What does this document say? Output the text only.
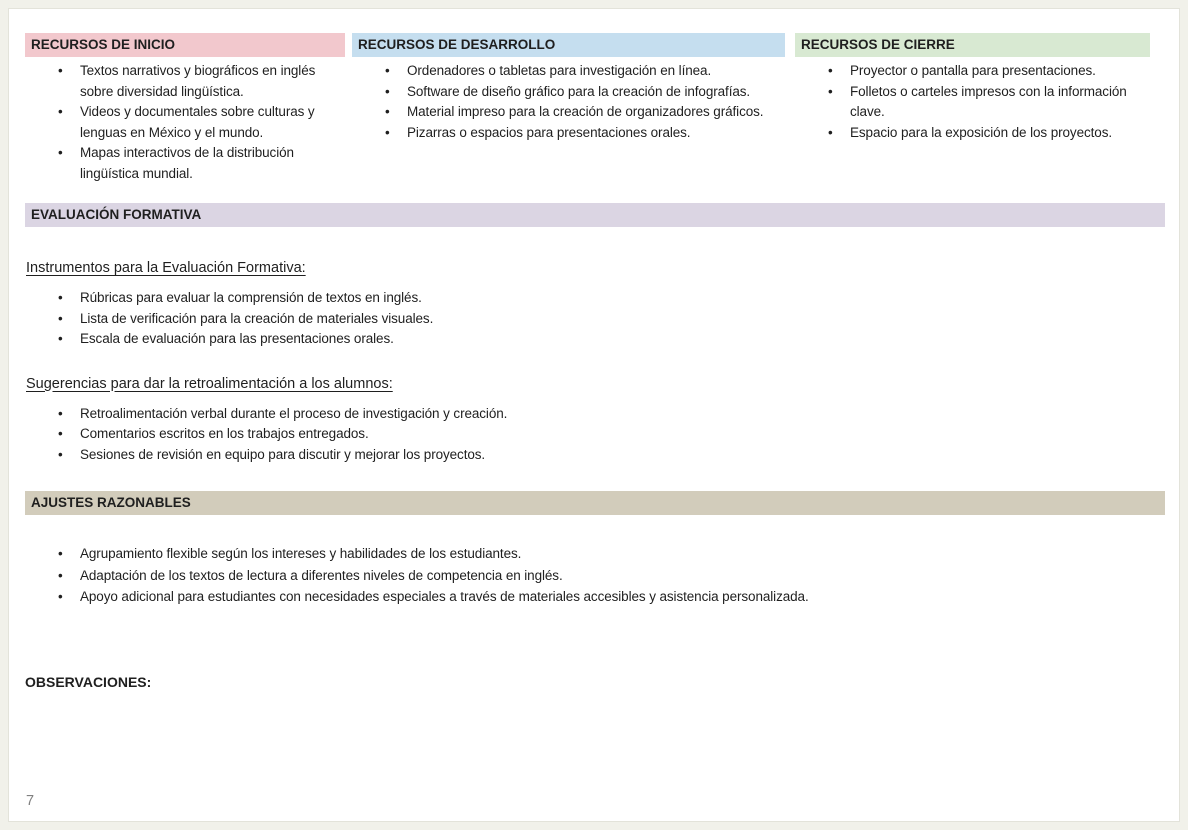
RECURSOS DE INICIO
• Textos narrativos y biográficos en inglés sobre diversidad lingüística.
• Videos y documentales sobre culturas y lenguas en México y el mundo.
• Mapas interactivos de la distribución lingüística mundial.
RECURSOS DE DESARROLLO
• Ordenadores o tabletas para investigación en línea.
• Software de diseño gráfico para la creación de infografías.
• Material impreso para la creación de organizadores gráficos.
• Pizarras o espacios para presentaciones orales.
RECURSOS DE CIERRE
• Proyector o pantalla para presentaciones.
• Folletos o carteles impresos con la información clave.
• Espacio para la exposición de los proyectos.
EVALUACIÓN FORMATIVA
Instrumentos para la Evaluación Formativa:
• Rúbricas para evaluar la comprensión de textos en inglés.
• Lista de verificación para la creación de materiales visuales.
• Escala de evaluación para las presentaciones orales.
Sugerencias para dar la retroalimentación a los alumnos:
• Retroalimentación verbal durante el proceso de investigación y creación.
• Comentarios escritos en los trabajos entregados.
• Sesiones de revisión en equipo para discutir y mejorar los proyectos.
AJUSTES RAZONABLES
• Agrupamiento flexible según los intereses y habilidades de los estudiantes.
• Adaptación de los textos de lectura a diferentes niveles de competencia en inglés.
• Apoyo adicional para estudiantes con necesidades especiales a través de materiales accesibles y asistencia personalizada.
OBSERVACIONES:
7
